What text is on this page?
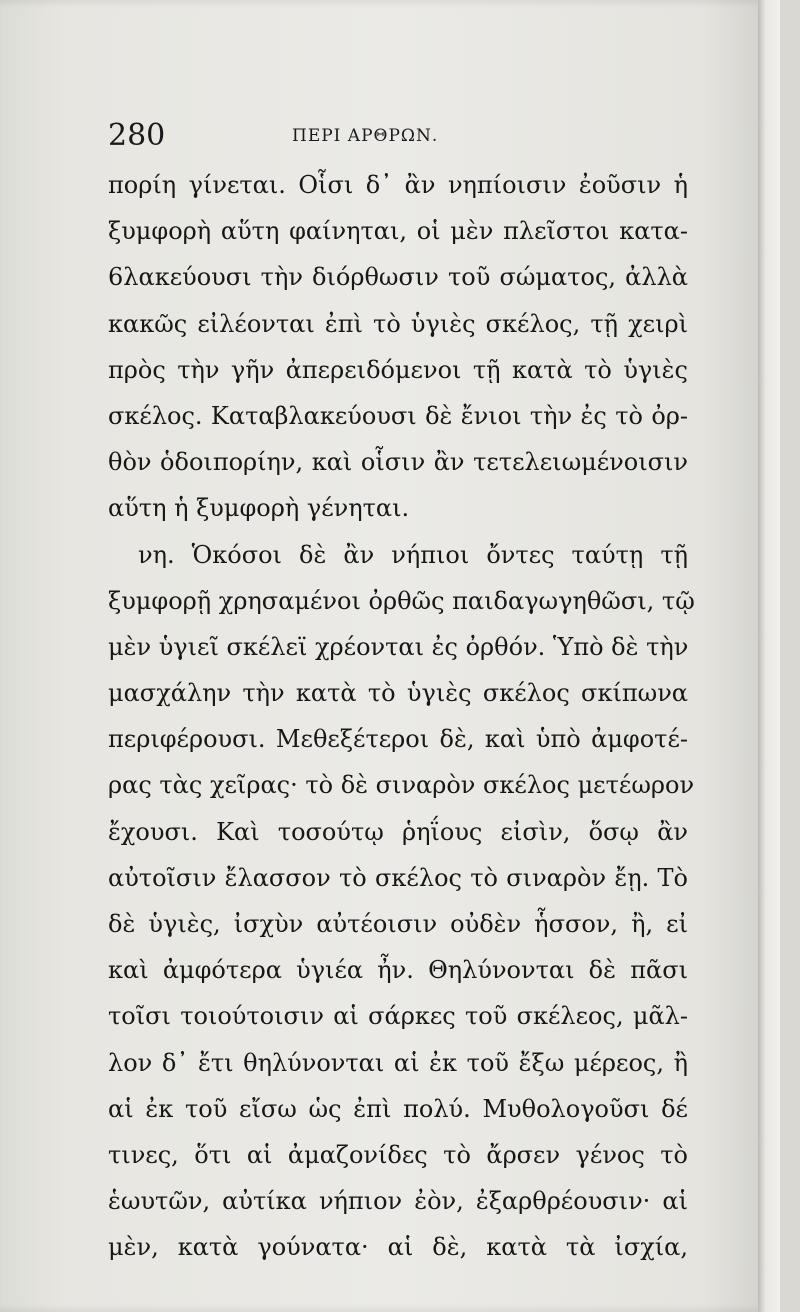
280	ΠΕΡΙ ΑΡΘΡΩΝ.
πορίη γίνεται. Οἷσι δ᾽ ἂν νηπίοισιν ἐοῦσιν ἡ
ξυμφορὴ αὕτη φαίνηται, οἱ μὲν πλεῖστοι κατα-
6λακεύουσι τὴν διόρθωσιν τοῦ σώματος, ἀλλὰ
κακῶς εἰλέονται ἐπὶ τὸ ὑγιὲς σκέλος, τῇ χειρὶ
πρὸς τὴν γῆν ἀπερειδόμενοι τῇ κατὰ τὸ ὑγιὲς
σκέλος. Καταβλακεύουσι δὲ ἔνιοι τὴν ἐς τὸ ὀρ-
θὸν ὁδοιπορίην, καὶ οἷσιν ἂν τετελειωμένοισιν
αὕτη ἡ ξυμφορὴ γένηται.
νη. Ὁκόσοι δὲ ἂν νήπιοι ὄντες ταύτῃ τῇ
ξυμφορῇ χρησαμένοι ὀρθῶς παιδαγωγηθῶσι, τῷ
μὲν ὑγιεῖ σκέλεϊ χρέονται ἐς ὀρθόν. Ὑπὸ δὲ τὴν
μασχάλην τὴν κατὰ τὸ ὑγιὲς σκέλος σκίπωνα
περιφέρουσι. Μεθεξέτεροι δὲ, καὶ ὑπὸ ἀμφοτέ-
ρας τὰς χεῖρας· τὸ δὲ σιναρὸν σκέλος μετέωρον
ἔχουσι. Καὶ τοσούτῳ ῥηΐους εἰσὶν, ὅσῳ ἂν
αὐτοῖσιν ἔλασσον τὸ σκέλος τὸ σιναρὸν ἔῃ. Τὸ
δὲ ὑγιὲς, ἰσχὺν αὐτέοισιν οὐδὲν ἧσσον, ἢ, εἰ
καὶ ἀμφότερα ὑγιέα ἦν. Θηλύνονται δὲ πᾶσι
τοῖσι τοιούτοισιν αἱ σάρκες τοῦ σκέλεος, μᾶλ-
λον δ᾽ ἔτι θηλύνονται αἱ ἐκ τοῦ ἔξω μέρεος, ἢ
αἱ ἐκ τοῦ εἴσω ὡς ἐπὶ πολύ. Μυθολογοῦσι δέ
τινες, ὅτι αἱ ἀμαζονίδες τὸ ἄρσεν γένος τὸ
ἑωυτῶν, αὐτίκα νήπιον ἐὸν, ἐξαρθρέουσιν· αἱ
μὲν, κατὰ γούνατα· αἱ δὲ, κατὰ τὰ ἰσχία,
